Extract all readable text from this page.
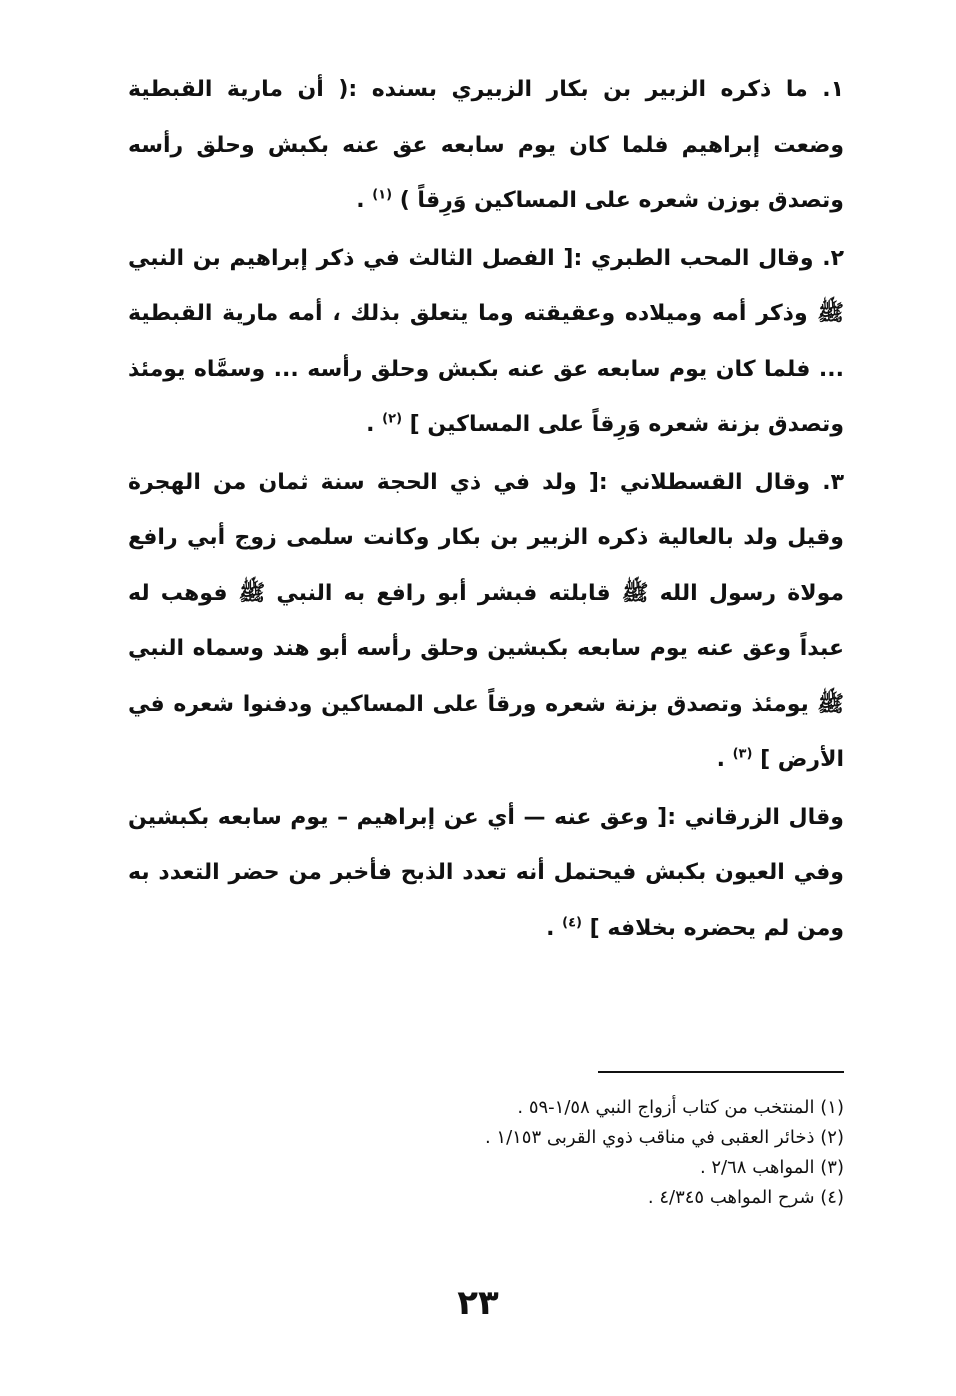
١. ما ذكره الزبير بن بكار الزبيري بسنده :( أن مارية القبطية وضعت إبراهيم فلما كان يوم سابعه عق عنه بكبش وحلق رأسه وتصدق بوزن شعره على المساكين وَرِقاً ) $^{(١)}$ .

٢. وقال المحب الطبري :[ الفصل الثالث في ذكر إبراهيم بن النبي ﷺ وذكر أمه وميلاده وعقيقته وما يتعلق بذلك ، أمه مارية القبطية ... فلما كان يوم سابعه عق عنه بكبش وحلق رأسه ... وسمَّاه يومئذ وتصدق بزنة شعره وَرِقاً على المساكين ] $^{(٢)}$ .

٣. وقال القسطلاني :[ ولد في ذي الحجة سنة ثمان من الهجرة وقيل ولد بالعالية ذكره الزبير بن بكار وكانت سلمى زوج أبي رافع مولاة رسول الله ﷺ قابلته فبشر أبو رافع به النبي ﷺ فوهب له عبداً وعق عنه يوم سابعه بكبشين وحلق رأسه أبو هند وسماه النبي ﷺ يومئذ وتصدق بزنة شعره ورقاً على المساكين ودفنوا شعره في الأرض ] $^{(٣)}$ .

وقال الزرقاني :[ وعق عنه — أي عن إبراهيم – يوم سابعه بكبشين وفي العيون بكبش فيحتمل أنه تعدد الذبح فأخبر من حضر التعدد به ومن لم يحضره بخلافه ] $^{(٤)}$ .

(١) المنتخب من كتاب أزواج النبي ١/٥٨-٥٩ .

(٢) ذخائر العقبى في مناقب ذوي القربى ١/١٥٣ .

(٣) المواهب ٢/٦٨ .

(٤) شرح المواهب ٤/٣٤٥ .

٢٣
